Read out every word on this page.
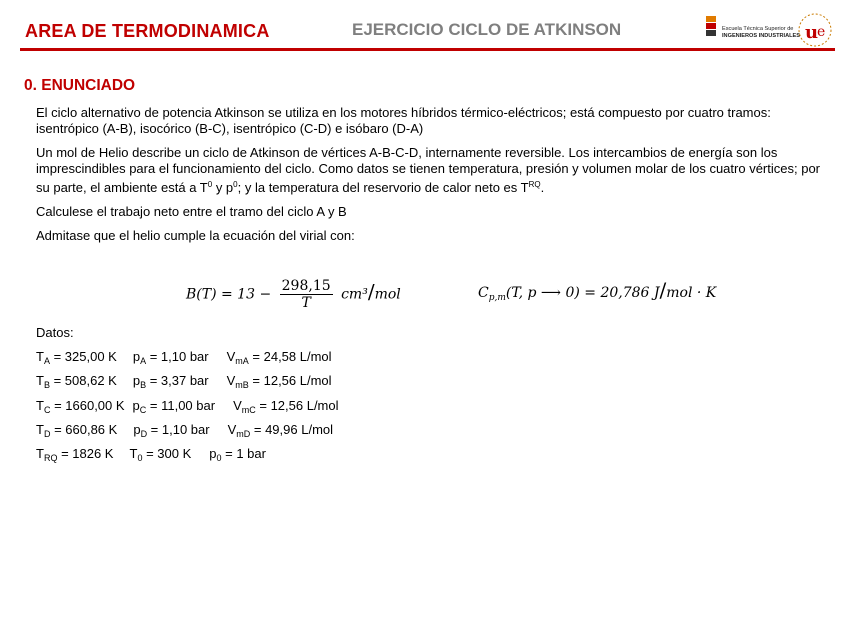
AREA DE TERMODINAMICA	EJERCICIO CICLO DE ATKINSON	Escuela Técnica Superior de
INGENIEROS INDUSTRIALES u
e
0. ENUNCIADO

El ciclo alternativo de potencia Atkinson se utiliza en los motores híbridos térmico-eléctricos; está compuesto por cuatro tramos: isentrópico (A-B), isocórico (B-C), isentrópico (C-D) e isóbaro (D-A)

Un mol de Helio describe un ciclo de Atkinson de vértices A-B-C-D, internamente reversible. Los intercambios de energía son los imprescindibles para el funcionamiento del ciclo. Como datos se tienen temperatura, presión y volumen molar de los cuatro vértices; por su parte, el ambiente está a $T^0$ y $p^0$; y la temperatura del reservorio de calor neto es $T^{RQ}$.

Calculese el trabajo neto entre el tramo del ciclo A y B

Admitase que el helio cumple la ecuación del virial con:

$B(T) = 13 - \frac{298,15}{T} cm^3/mol$	$C_{p,m}(T$, p ⟶ 0) = 20,786 J/mol · K
Datos:
$T_A = 325,00$ K $p_A = 1,10$ bar $V_{mA} = 24,58$ L/mol
$T_B = 508,62$ K $p_B = 3,37$ bar $V_{mB} = 12,56$ L/mol
$T_C = 1660,00$ K $p_C = 11,00$ bar $V_{mC} = 12,56$ L/mol
$T_D = 660,86$ K $p_D = 1,10$ bar $V_{mD} = 49,96$ L/mol
$T_{RQ} = 1826$ K $T_0 = 300$ K $p_0 = 1$ bar
